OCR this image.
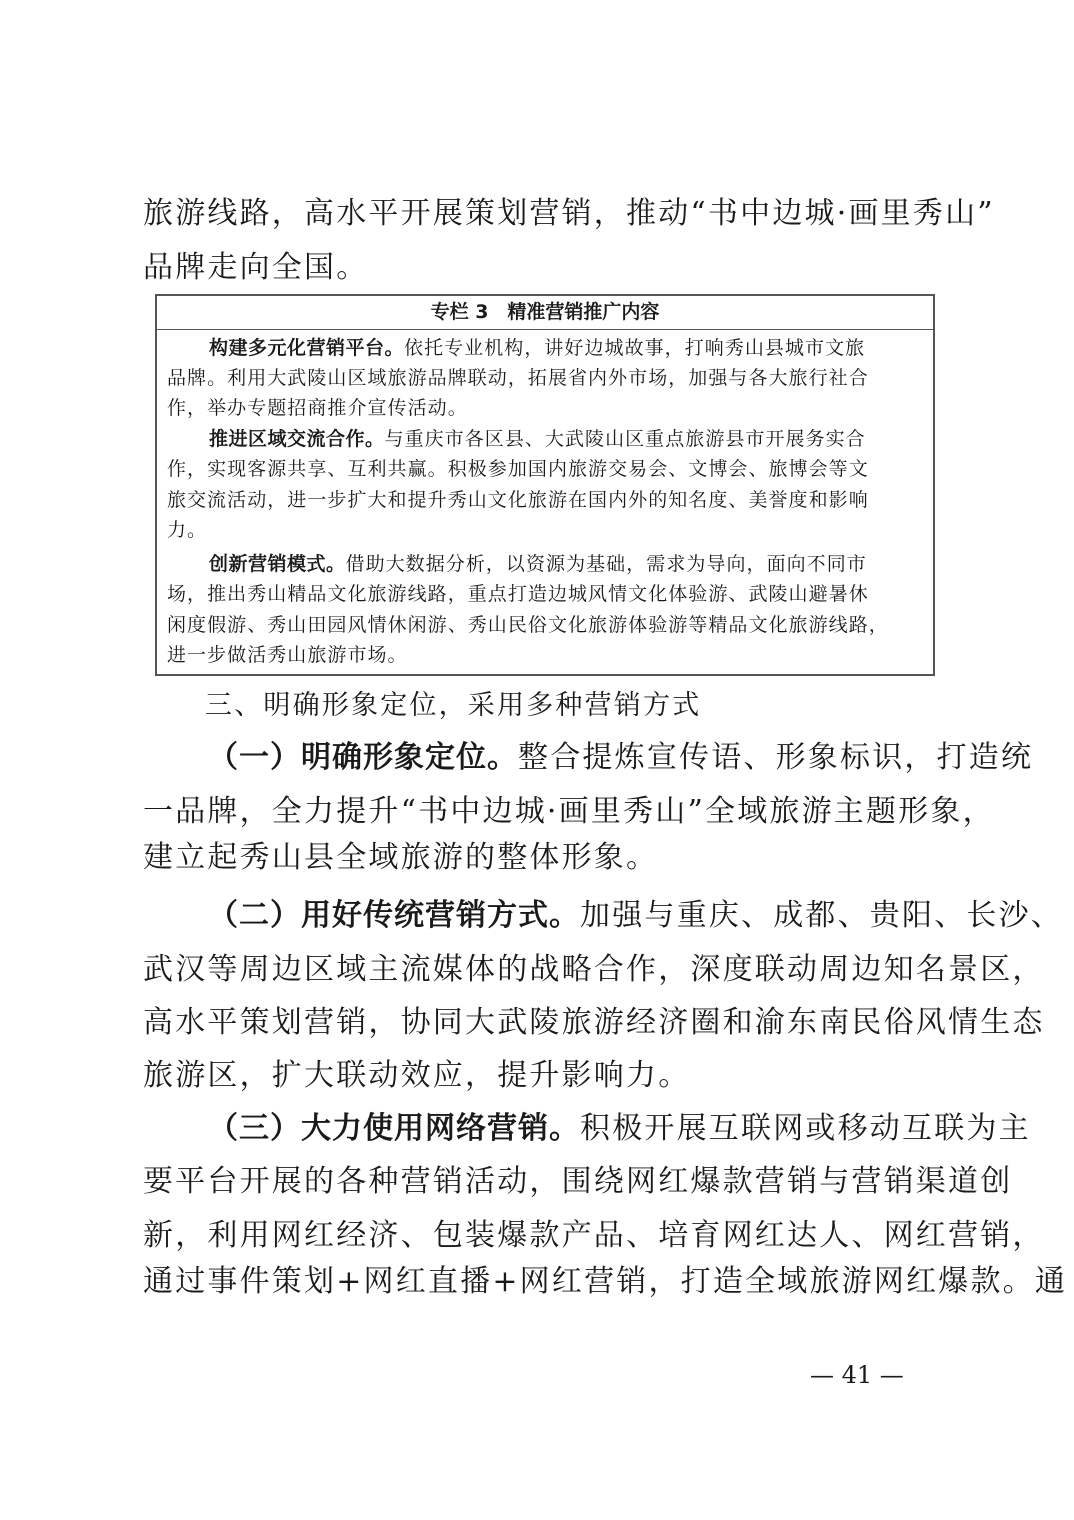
旅游线路，高水平开展策划营销，推动“书中边城·画里秀山”
品牌走向全国。
专栏 3　精准营销推广内容
构建多元化营销平台。依托专业机构，讲好边城故事，打响秀山县城市文旅
品牌。利用大武陵山区域旅游品牌联动，拓展省内外市场，加强与各大旅行社合
作，举办专题招商推介宣传活动。
推进区域交流合作。与重庆市各区县、大武陵山区重点旅游县市开展务实合
作，实现客源共享、互利共赢。积极参加国内旅游交易会、文博会、旅博会等文
旅交流活动，进一步扩大和提升秀山文化旅游在国内外的知名度、美誉度和影响
力。
创新营销模式。借助大数据分析，以资源为基础，需求为导向，面向不同市
场，推出秀山精品文化旅游线路，重点打造边城风情文化体验游、武陵山避暑休
闲度假游、秀山田园风情休闲游、秀山民俗文化旅游体验游等精品文化旅游线路，
进一步做活秀山旅游市场。
三、明确形象定位，采用多种营销方式
（一）明确形象定位。整合提炼宣传语、形象标识，打造统
一品牌，全力提升“书中边城·画里秀山”全域旅游主题形象，
建立起秀山县全域旅游的整体形象。
（二）用好传统营销方式。加强与重庆、成都、贵阳、长沙、
武汉等周边区域主流媒体的战略合作，深度联动周边知名景区，
高水平策划营销，协同大武陵旅游经济圈和渝东南民俗风情生态
旅游区，扩大联动效应，提升影响力。
（三）大力使用网络营销。积极开展互联网或移动互联为主
要平台开展的各种营销活动，围绕网红爆款营销与营销渠道创
新，利用网红经济、包装爆款产品、培育网红达人、网红营销，
通过事件策划+网红直播+网红营销，打造全域旅游网红爆款。通
— 41 —
